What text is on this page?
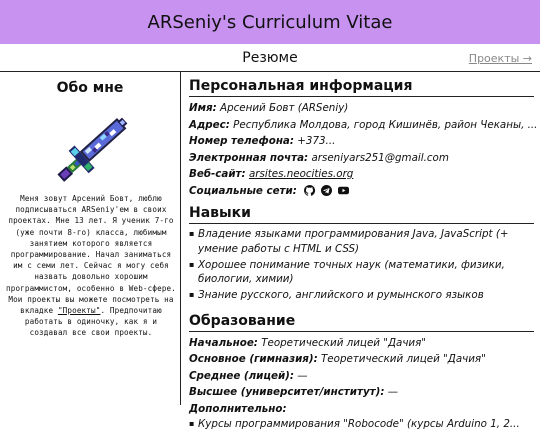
ARSeniy's Curriculum Vitae
Резюме	Проекты →
Обо мне

Меня зовут Арсений Бовт, люблю подписываться ARSeniy'ем в своих проектах. Мне 13 лет. Я ученик 7-го (уже почти 8-го) класса, любимым занятием которого является программирование. Начал заниматься им с семи лет. Сейчас я могу себя назвать довольно хорошим программистом, особенно в Web-сфере. Мои проекты вы можете посмотреть на вкладке "Проекты". Предпочитаю работать в одиночку, как я и создавал все свои проекты.

Персональная информация
Имя: Арсений Бовт (ARSeniy)
Адрес: Республика Молдова, город Кишинёв, район Чеканы, ...
Номер телефона: +373...
Электронная почта: arseniyars251@gmail.com
Веб-сайт: arsites.neocities.org
Социальные сети:
Навыки
▪ Владение языками программирования Java, JavaScript (+ умение работы с HTML и CSS)
▪ Хорошее понимание точных наук (математики, физики, биологии, химии)
▪ Знание русского, английского и румынского языков
Образование
Начальное: Теоретический лицей "Дачия"
Основное (гимназия): Теоретический лицей "Дачия"
Среднее (лицей): —
Высшее (университет/институт): —
Дополнительно:
▪ Курсы программирования "Robocode" (курсы Arduino 1, 2...
